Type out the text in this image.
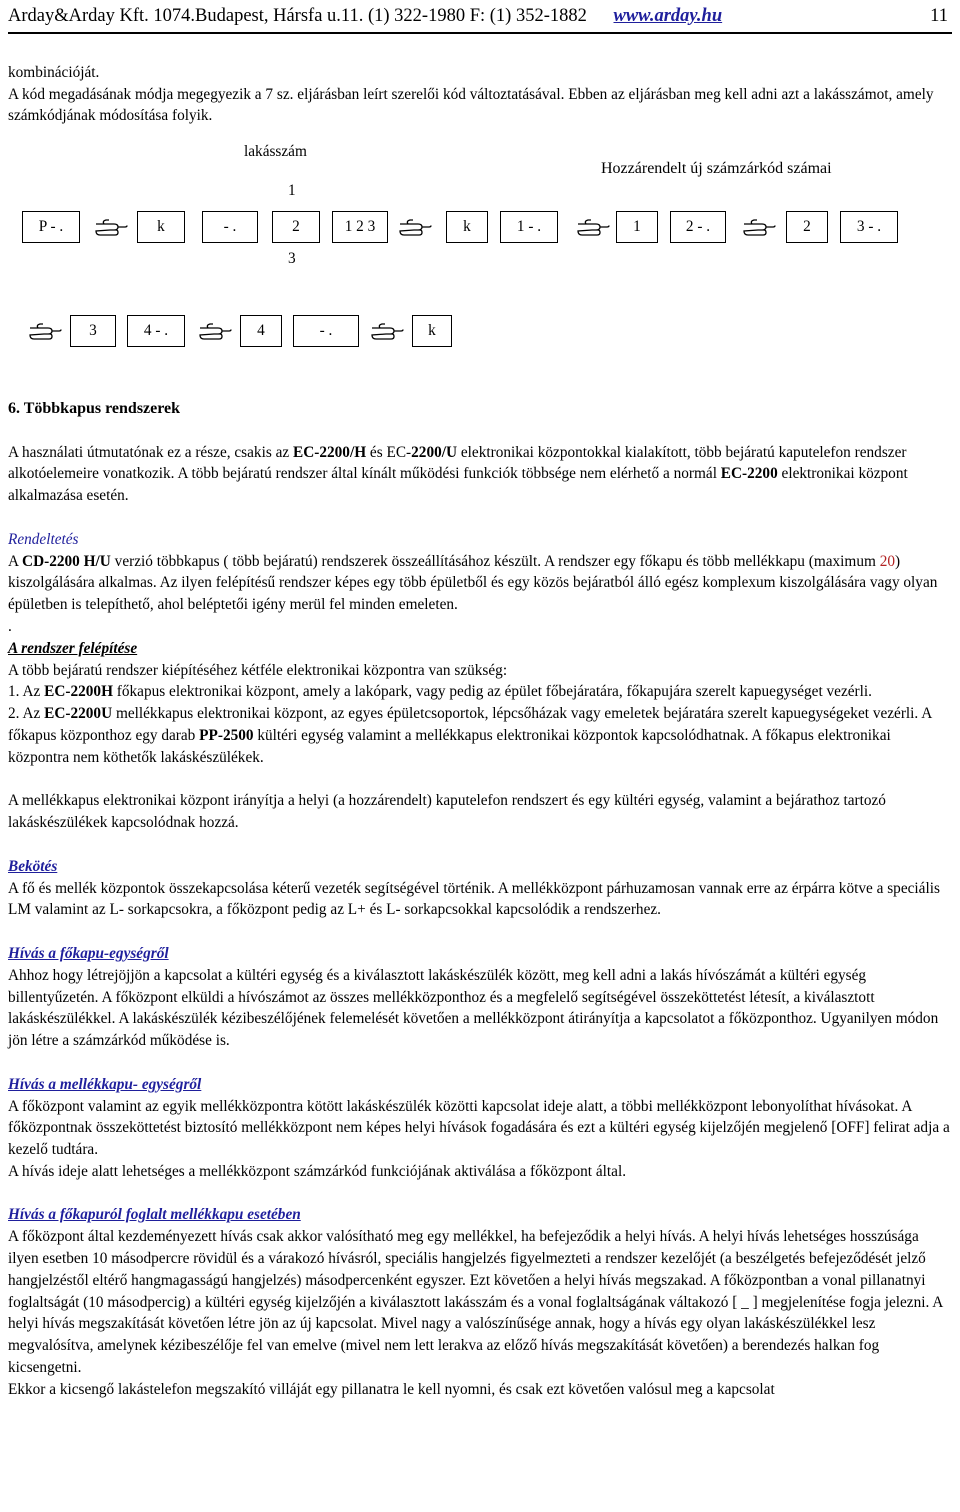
Arday&Arday Kft. 1074.Budapest, Hársfa u.11. (1) 322-1980 F: (1) 352-1882 www.arday.hu	11

kombinációját.

A kód megadásának módja megegyezik a 7 sz. eljárásban leírt szerelői kód változtatásával. Ebben az eljárásban meg kell adni azt a lakásszámot, amely számkódjának módosítása folyik.

lakásszám
Hozzárendelt új számzárkód számai
1
3
P - .	k	- .	2	1 2 3	k	1 - .	1	2 - .	2	3 - .
3	4 - .	4	- .	k

6. Többkapus rendszerek

A használati útmutatónak ez a része, csakis az EC-2200/H és EC-2200/U elektronikai központokkal kialakított, több bejáratú kaputelefon rendszer alkotóelemeire vonatkozik. A több bejáratú rendszer által kínált működési funkciók többsége nem elérhető a normál EC-2200 elektronikai központ alkalmazása esetén.

Rendeltetés

A CD-2200 H/U verzió többkapus ( több bejáratú) rendszerek összeállításához készült. A rendszer egy főkapu és több mellékkapu (maximum 20) kiszolgálására alkalmas. Az ilyen felépítésű rendszer képes egy több épületből és egy közös bejáratból álló egész komplexum kiszolgálására vagy olyan épületben is telepíthető, ahol beléptetői igény merül fel minden emeleten.

.

A rendszer felépítése

A több bejáratú rendszer kiépítéséhez kétféle elektronikai központra van szükség:

1. Az EC-2200H főkapus elektronikai központ, amely a lakópark, vagy pedig az épület főbejáratára, főkapujára szerelt kapuegységet vezérli.

2. Az EC-2200U mellékkapus elektronikai központ, az egyes épületcsoportok, lépcsőházak vagy emeletek bejáratára szerelt kapuegységeket vezérli. A főkapus központhoz egy darab PP-2500 kültéri egység valamint a mellékkapus elektronikai központok kapcsolódhatnak. A főkapus elektronikai központra nem köthetők lakáskészülékek.

A mellékkapus elektronikai központ irányítja a helyi (a hozzárendelt) kaputelefon rendszert és egy kültéri egység, valamint a bejárathoz tartozó lakáskészülékek kapcsolódnak hozzá.

Bekötés

A fő és mellék központok összekapcsolása kéterű vezeték segítségével történik. A mellékközpont párhuzamosan vannak erre az érpárra kötve a speciális LM valamint az L- sorkapcsokra, a főközpont pedig az L+ és L- sorkapcsokkal kapcsolódik a rendszerhez.

Hívás a főkapu-egységről

Ahhoz hogy létrejöjjön a kapcsolat a kültéri egység és a kiválasztott lakáskészülék között, meg kell adni a lakás hívószámát a kültéri egység billentyűzetén. A főközpont elküldi a hívószámot az összes mellékközponthoz és a megfelelő segítségével összeköttetést létesít, a kiválasztott lakáskészülékkel. A lakáskészülék kézibeszélőjének felemelését követően a mellékközpont átirányítja a kapcsolatot a főközponthoz. Ugyanilyen módon jön létre a számzárkód működése is.

Hívás a mellékkapu- egységről

A főközpont valamint az egyik mellékközpontra kötött lakáskészülék közötti kapcsolat ideje alatt, a többi mellékközpont lebonyolíthat hívásokat. A főközpontnak összeköttetést biztosító mellékközpont nem képes helyi hívások fogadására és ezt a kültéri egység kijelzőjén megjelenő [OFF] felirat adja a kezelő tudtára.

A hívás ideje alatt lehetséges a mellékközpont számzárkód funkciójának aktiválása a főközpont által.

Hívás a főkapuról foglalt mellékkapu esetében

A főközpont által kezdeményezett hívás csak akkor valósítható meg egy mellékkel, ha befejeződik a helyi hívás. A helyi hívás lehetséges hosszúsága ilyen esetben 10 másodpercre rövidül és a várakozó hívásról, speciális hangjelzés figyelmezteti a rendszer kezelőjét (a beszélgetés befejeződését jelző hangjelzéstől eltérő hangmagasságú hangjelzés) másodpercenként egyszer. Ezt követően a helyi hívás megszakad. A főközpontban a vonal pillanatnyi foglaltságát (10 másodpercig) a kültéri egység kijelzőjén a kiválasztott lakásszám és a vonal foglaltságának váltakozó [ _ ] megjelenítése fogja jelezni. A helyi hívás megszakítását követően létre jön az új kapcsolat. Mivel nagy a valószínűsége annak, hogy a hívás egy olyan lakáskészülékkel lesz megvalósítva, amelynek kézibeszélője fel van emelve (mivel nem lett lerakva az előző hívás megszakítását követően) a berendezés halkan fog kicsengetni.

Ekkor a kicsengő lakástelefon megszakító villáját egy pillanatra le kell nyomni, és csak ezt követően valósul meg a kapcsolat
